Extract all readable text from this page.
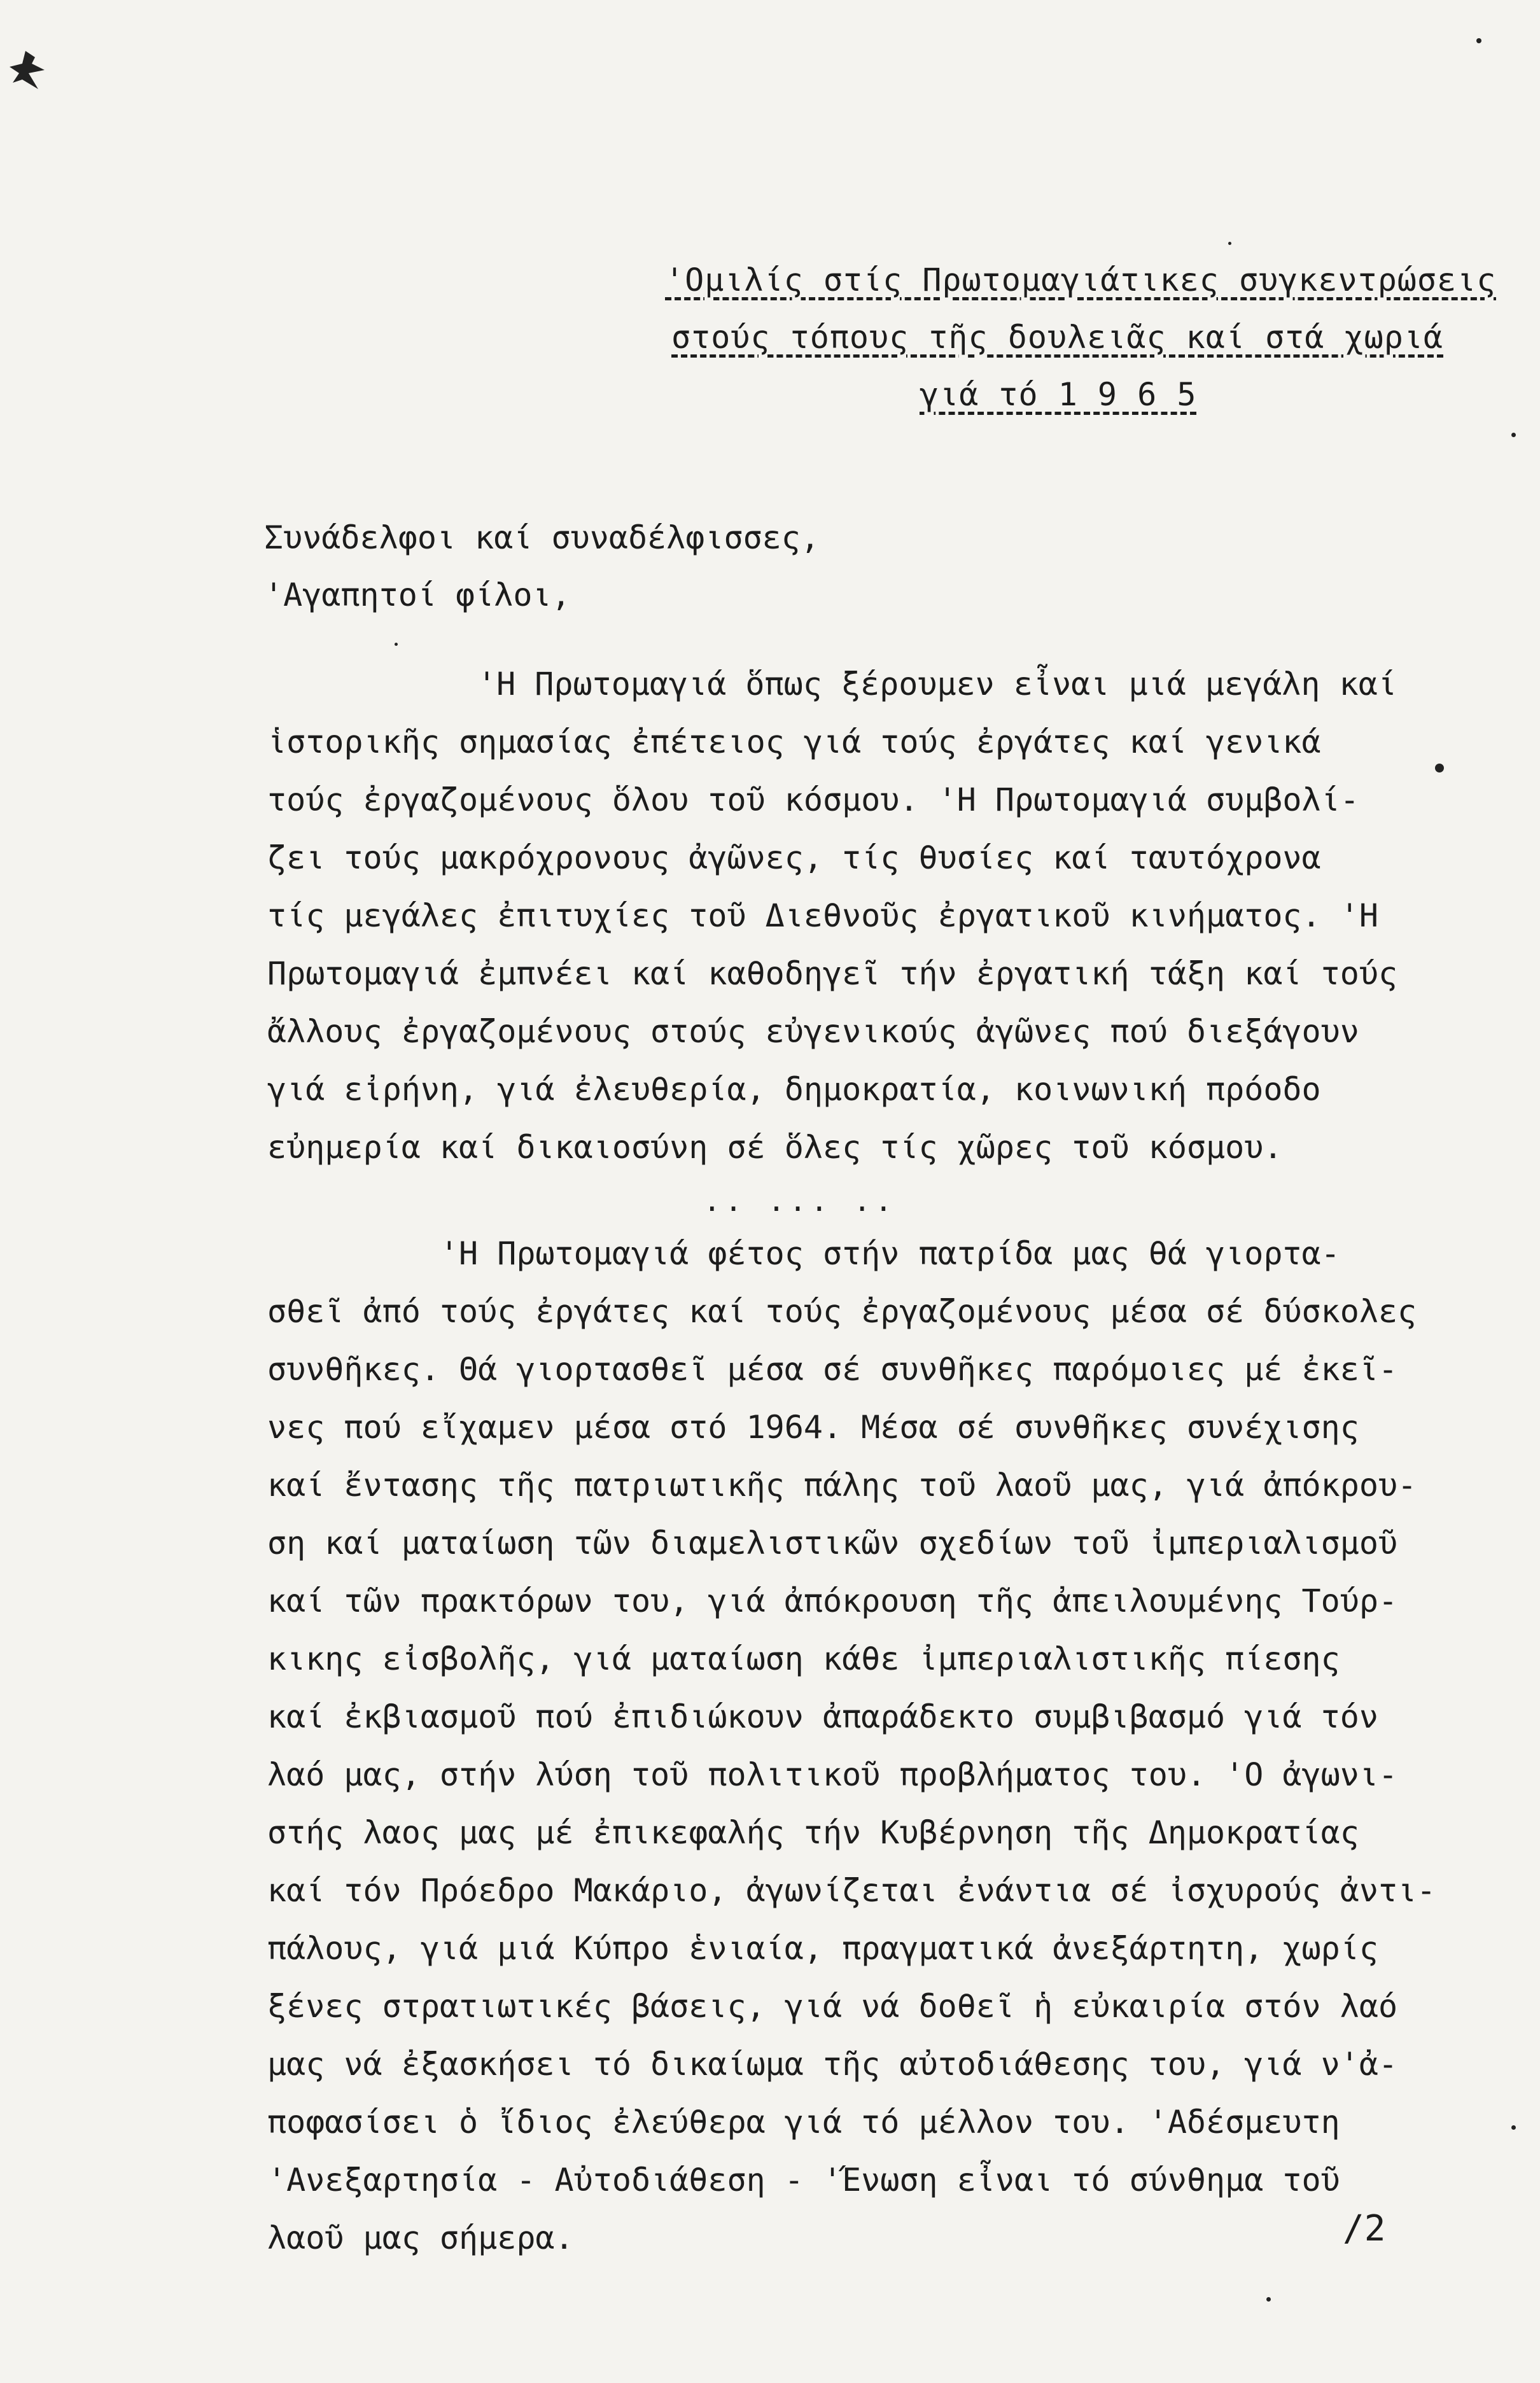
'Ομιλίς στίς Πρωτομαγιάτικες συγκεντρώσεις
στούς τόπους τῆς δουλειᾶς καί στά χωριά
γιά τό 1 9 6 5
Συνάδελφοι καί συναδέλφισσες,
'Αγαπητοί φίλοι,
'Η Πρωτομαγιά ὅπως ξέρουμεν εἶναι μιά μεγάλη καί
ἱστορικῆς σημασίας ἐπέτειος γιά τούς ἐργάτες καί γενικά
τούς ἐργαζομένους ὅλου τοῦ κόσμου. 'Η Πρωτομαγιά συμβολί-
ζει τούς μακρόχρονους ἀγῶνες, τίς θυσίες καί ταυτόχρονα
τίς μεγάλες ἐπιτυχίες τοῦ Διεθνοῦς ἐργατικοῦ κινήματος. 'Η
Πρωτομαγιά ἐμπνέει καί καθοδηγεῖ τήν ἐργατική τάξη καί τούς
ἄλλους ἐργαζομένους στούς εὐγενικούς ἀγῶνες πού διεξάγουν
γιά εἰρήνη, γιά ἐλευθερία, δημοκρατία, κοινωνική πρόοδο
εὐημερία καί δικαιοσύνη σέ ὅλες τίς χῶρες τοῦ κόσμου.
.. ... ..
'Η Πρωτομαγιά φέτος στήν πατρίδα μας θά γιορτα-
σθεῖ ἀπό τούς ἐργάτες καί τούς ἐργαζομένους μέσα σέ δύσκολες
συνθῆκες. Θά γιορτασθεῖ μέσα σέ συνθῆκες παρόμοιες μέ ἐκεῖ-
νες πού εἴχαμεν μέσα στό 1964. Μέσα σέ συνθῆκες συνέχισης
καί ἔντασης τῆς πατριωτικῆς πάλης τοῦ λαοῦ μας, γιά ἀπόκρου-
ση καί ματαίωση τῶν διαμελιστικῶν σχεδίων τοῦ ἰμπεριαλισμοῦ
καί τῶν πρακτόρων του, γιά ἀπόκρουση τῆς ἀπειλουμένης Τούρ-
κικης εἰσβολῆς, γιά ματαίωση κάθε ἰμπεριαλιστικῆς πίεσης
καί ἐκβιασμοῦ πού ἐπιδιώκουν ἀπαράδεκτο συμβιβασμό γιά τόν
λαό μας, στήν λύση τοῦ πολιτικοῦ προβλήματος του. 'Ο ἀγωνι-
στής λαος μας μέ ἐπικεφαλής τήν Κυβέρνηση τῆς Δημοκρατίας
καί τόν Πρόεδρο Μακάριο, ἀγωνίζεται ἐνάντια σέ ἰσχυρούς ἀντι-
πάλους, γιά μιά Κύπρο ἑνιαία, πραγματικά ἀνεξάρτητη, χωρίς
ξένες στρατιωτικές βάσεις, γιά νά δοθεῖ ἡ εὐκαιρία στόν λαό
μας νά ἐξασκήσει τό δικαίωμα τῆς αὐτοδιάθεσης του, γιά ν'ἀ-
ποφασίσει ὁ ἴδιος ἐλεύθερα γιά τό μέλλον του. 'Αδέσμευτη
'Ανεξαρτησία - Αὐτοδιάθεση - 'Ένωση εἶναι τό σύνθημα τοῦ
λαοῦ μας σήμερα.	/2
